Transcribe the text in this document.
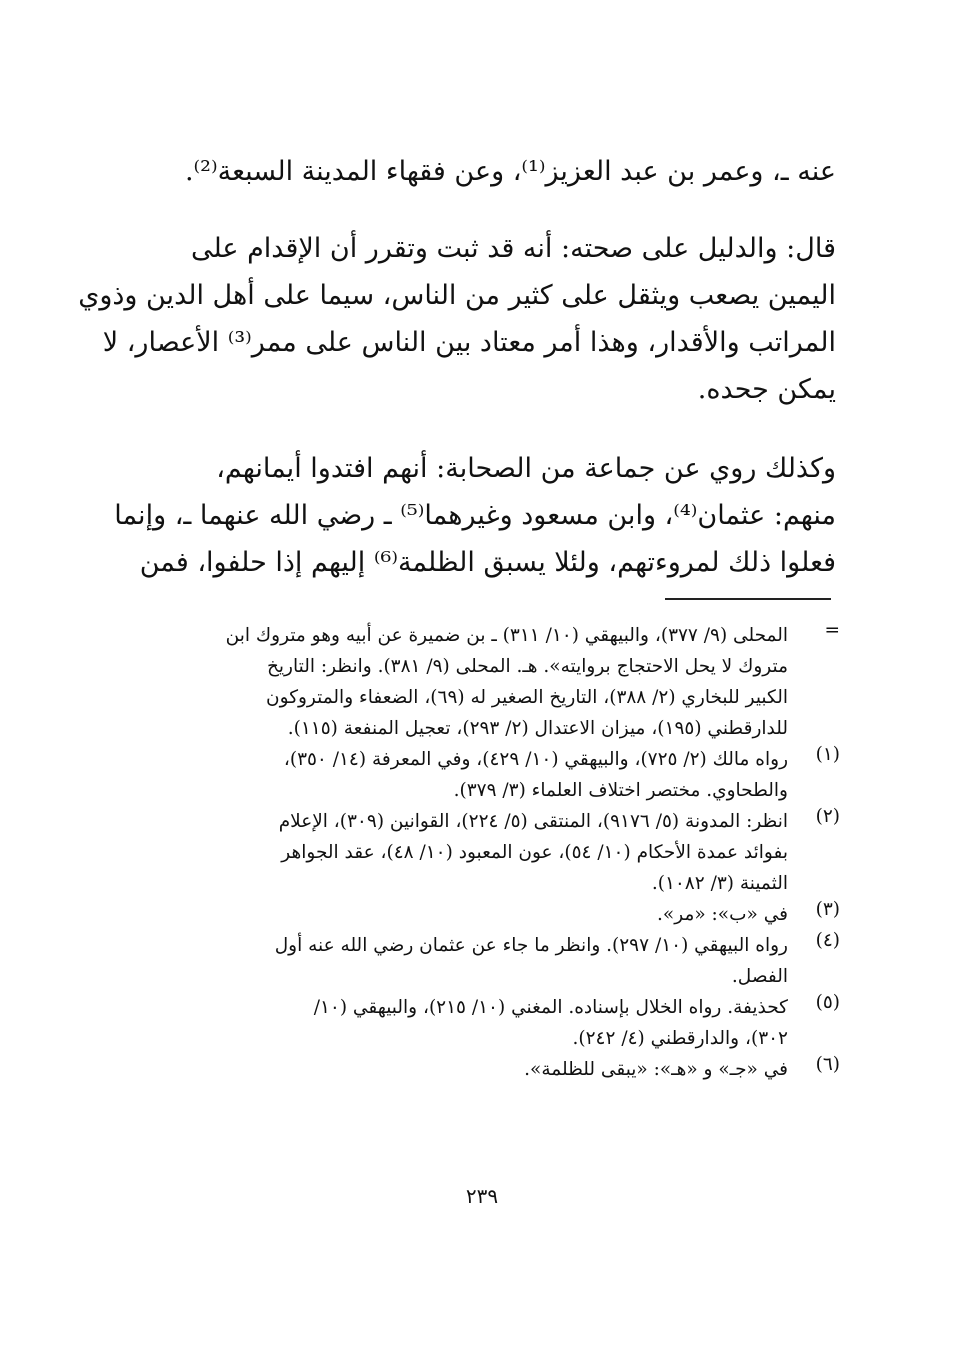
عنه ـ، وعمر بن عبد العزيز⁽¹⁾، وعن فقهاء المدينة السبعة⁽²⁾.
قال: والدليل على صحته: أنه قد ثبت وتقرر أن الإقدام على
اليمين يصعب ويثقل على كثير من الناس، سيما على أهل الدين وذوي
المراتب والأقدار، وهذا أمر معتاد بين الناس على ممر⁽³⁾ الأعصار، لا
يمكن جحده.
وكذلك روي عن جماعة من الصحابة: أنهم افتدوا أيمانهم،
منهم: عثمان⁽⁴⁾، وابن مسعود وغيرهما⁽⁵⁾ ـ رضي الله عنهما ـ، وإنما
فعلوا ذلك لمروءتهم، ولئلا يسبق الظلمة⁽⁶⁾ إليهم إذا حلفوا، فمن
=
المحلى (٩/ ٣٧٧)، والبيهقي (١٠/ ٣١١) ـ بن ضميرة عن أبيه وهو متروك ابن
متروك لا يحل الاحتجاج بروايته». هـ. المحلى (٩/ ٣٨١). وانظر: التاريخ
الكبير للبخاري (٢/ ٣٨٨)، التاريخ الصغير له (٦٩)، الضعفاء والمتروكون
للدارقطني (١٩٥)، ميزان الاعتدال (٢/ ٢٩٣)، تعجيل المنفعة (١١٥).
(١)
رواه مالك (٢/ ٧٢٥)، والبيهقي (١٠/ ٤٢٩)، وفي المعرفة (١٤/ ٣٥٠)،
والطحاوي. مختصر اختلاف العلماء (٣/ ٣٧٩).
(٢)
انظر: المدونة (٥/ ٩١٧٦)، المنتقى (٥/ ٢٢٤)، القوانين (٣٠٩)، الإعلام
بفوائد عمدة الأحكام (١٠/ ٥٤)، عون المعبود (١٠/ ٤٨)، عقد الجواهر
الثمينة (٣/ ١٠٨٢).
(٣)
في «ب»: «مر».
(٤)
رواه البيهقي (١٠/ ٢٩٧). وانظر ما جاء عن عثمان رضي الله عنه أول
الفصل.
(٥)
كحذيفة. رواه الخلال بإسناده. المغني (١٠/ ٢١٥)، والبيهقي (١٠/
٣٠٢)، والدارقطني (٤/ ٢٤٢).
(٦)
في «جـ» و «هـ»: «يبقى للظلمة».
٢٣٩
